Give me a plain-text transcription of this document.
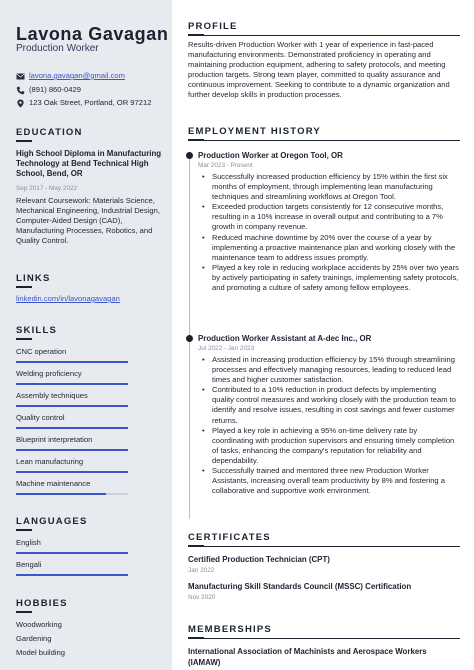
Lavona Gavagan
Production Worker
lavona.gavagan@gmail.com
(891) 860-0429
123 Oak Street, Portland, OR 97212
EDUCATION
High School Diploma in Manufacturing Technology at Bend Technical High School, Bend, OR
Sep 2017 - May 2022
Relevant Coursework: Materials Science, Mechanical Engineering, Industrial Design, Computer-Aided Design (CAD), Manufacturing Processes, Robotics, and Quality Control.
LINKS
linkedin.com/in/lavonagavagan
SKILLS
CNC operation
Welding proficiency
Assembly techniques
Quality control
Blueprint interpretation
Lean manufacturing
Machine maintenance
LANGUAGES
English
Bengali
HOBBIES
Woodworking
Gardening
Model building
PROFILE
Results-driven Production Worker with 1 year of experience in fast-paced manufacturing environments. Demonstrated proficiency in operating and maintaining production equipment, adhering to safety protocols, and meeting production targets. Strong team player, committed to quality assurance and continuous improvement. Seeking to contribute to a dynamic organization and further develop skills in production processes.
EMPLOYMENT HISTORY
Production Worker at Oregon Tool, OR
Mar 2023 - Present
• Successfully increased production efficiency by 15% within the first six months of employment, through implementing lean manufacturing techniques and streamlining workflows at Oregon Tool.
• Exceeded production targets consistently for 12 consecutive months, resulting in a 10% increase in overall output and contributing to a 7% growth in company revenue.
• Reduced machine downtime by 20% over the course of a year by implementing a proactive maintenance plan and working closely with the maintenance team to address issues promptly.
• Played a key role in reducing workplace accidents by 25% over two years by actively participating in safety trainings, implementing safety protocols, and promoting a culture of safety among fellow employees.
Production Worker Assistant at A-dec Inc., OR
Jul 2022 - Jan 2023
• Assisted in increasing production efficiency by 15% through streamlining processes and effectively managing resources, leading to reduced lead times and higher customer satisfaction.
• Contributed to a 10% reduction in product defects by implementing quality control measures and working closely with the production team to identify and resolve issues, resulting in cost savings and fewer customer returns.
• Played a key role in achieving a 95% on-time delivery rate by coordinating with production supervisors and ensuring timely completion of tasks, enhancing the company's reputation for reliability and dependability.
• Successfully trained and mentored three new Production Worker Assistants, increasing overall team productivity by 8% and fostering a collaborative and supportive work environment.
CERTIFICATES
Certified Production Technician (CPT)
Jan 2022
Manufacturing Skill Standards Council (MSSC) Certification
Nov 2020
MEMBERSHIPS
International Association of Machinists and Aerospace Workers (IAMAW)
